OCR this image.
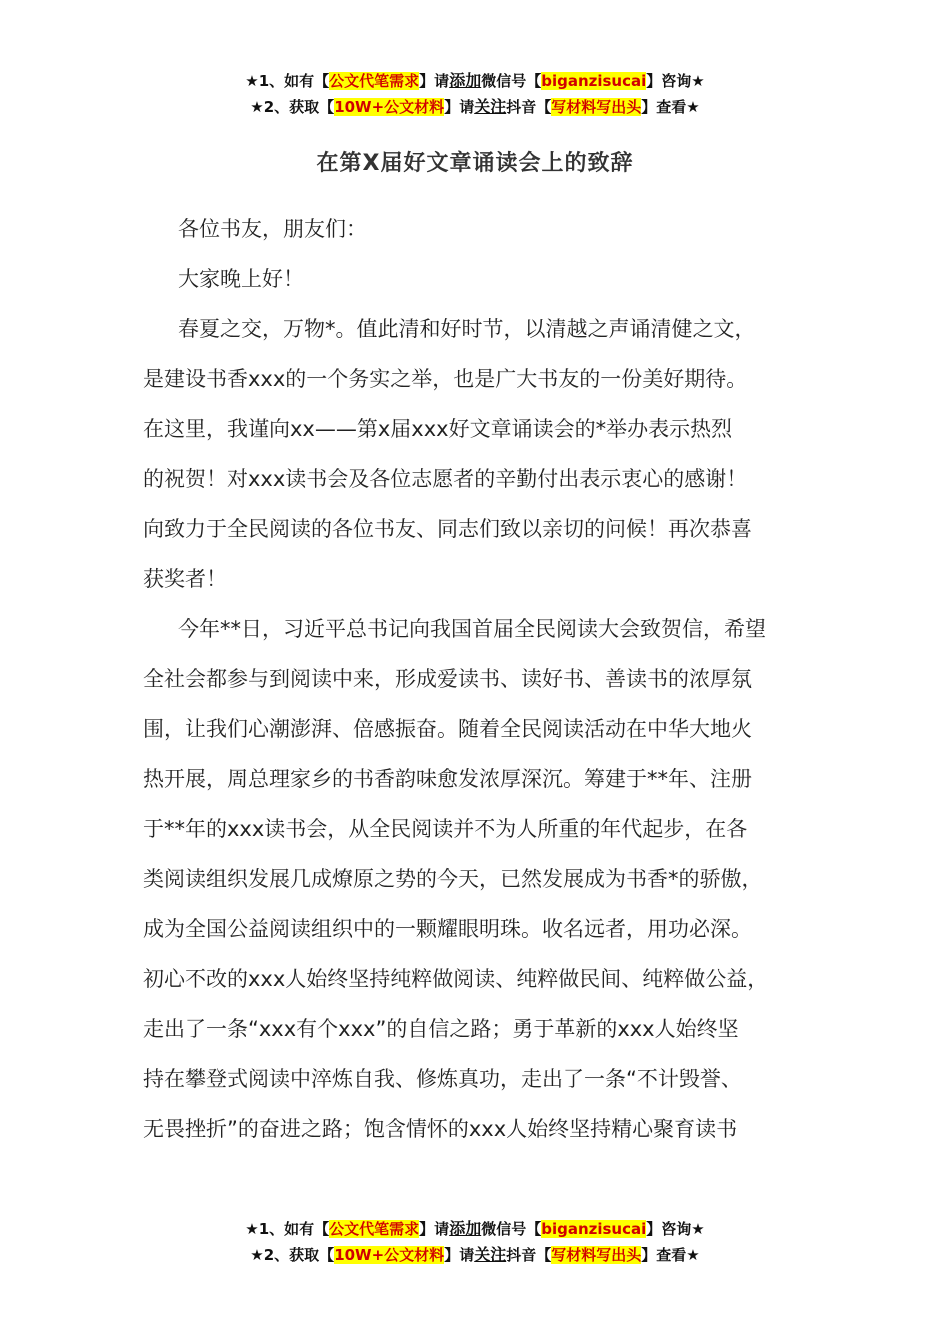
★1、如有【公文代笔需求】请添加微信号【biganzisucai】咨询★
★2、获取【10W+公文材料】请关注抖音【写材料写出头】查看★
在第X届好文章诵读会上的致辞

各位书友，朋友们：

大家晚上好！

春夏之交，万物*。值此清和好时节，以清越之声诵清健之文，
是建设书香xxx的一个务实之举，也是广大书友的一份美好期待。
在这里，我谨向xx——第x届xxx好文章诵读会的*举办表示热烈
的祝贺！对xxx读书会及各位志愿者的辛勤付出表示衷心的感谢！
向致力于全民阅读的各位书友、同志们致以亲切的问候！再次恭喜
获奖者！

今年**日，习近平总书记向我国首届全民阅读大会致贺信，希望
全社会都参与到阅读中来，形成爱读书、读好书、善读书的浓厚氛
围，让我们心潮澎湃、倍感振奋。随着全民阅读活动在中华大地火
热开展，周总理家乡的书香韵味愈发浓厚深沉。筹建于**年、注册
于**年的xxx读书会，从全民阅读并不为人所重的年代起步，在各
类阅读组织发展几成燎原之势的今天，已然发展成为书香*的骄傲，
成为全国公益阅读组织中的一颗耀眼明珠。收名远者，用功必深。
初心不改的xxx人始终坚持纯粹做阅读、纯粹做民间、纯粹做公益，
走出了一条“xxx有个xxx”的自信之路；勇于革新的xxx人始终坚
持在攀登式阅读中淬炼自我、修炼真功，走出了一条“不计毁誉、
无畏挫折”的奋进之路；饱含情怀的xxx人始终坚持精心聚育读书

★1、如有【公文代笔需求】请添加微信号【biganzisucai】咨询★
★2、获取【10W+公文材料】请关注抖音【写材料写出头】查看★
